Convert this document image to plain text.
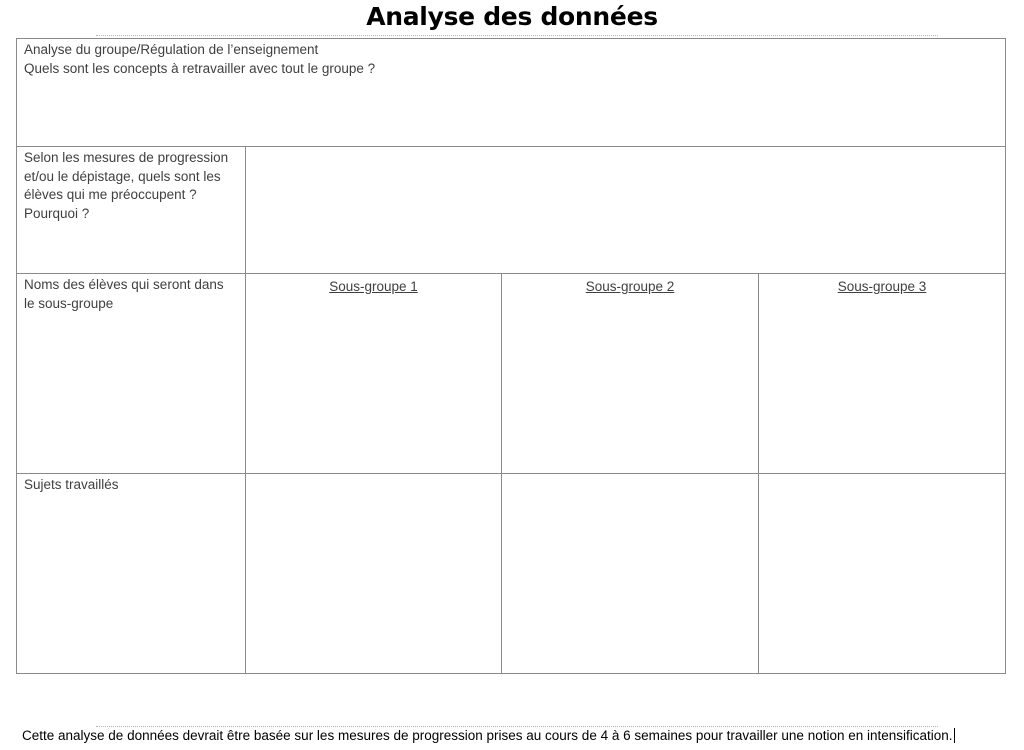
Analyse des données
Analyse du groupe/Régulation de l’enseignement
Quels sont les concepts à retravailler avec tout le groupe ?			

Selon les mesures de progression et/ou le dépistage, quels sont les élèves qui me préoccupent ? Pourquoi ?			

Noms des élèves qui seront dans le sous-groupe	Sous-groupe 1	Sous-groupe 2	Sous-groupe 3

Sujets travaillés			

Cette analyse de données devrait être basée sur les mesures de progression prises au cours de 4 à 6 semaines pour travailler une notion en intensification.
